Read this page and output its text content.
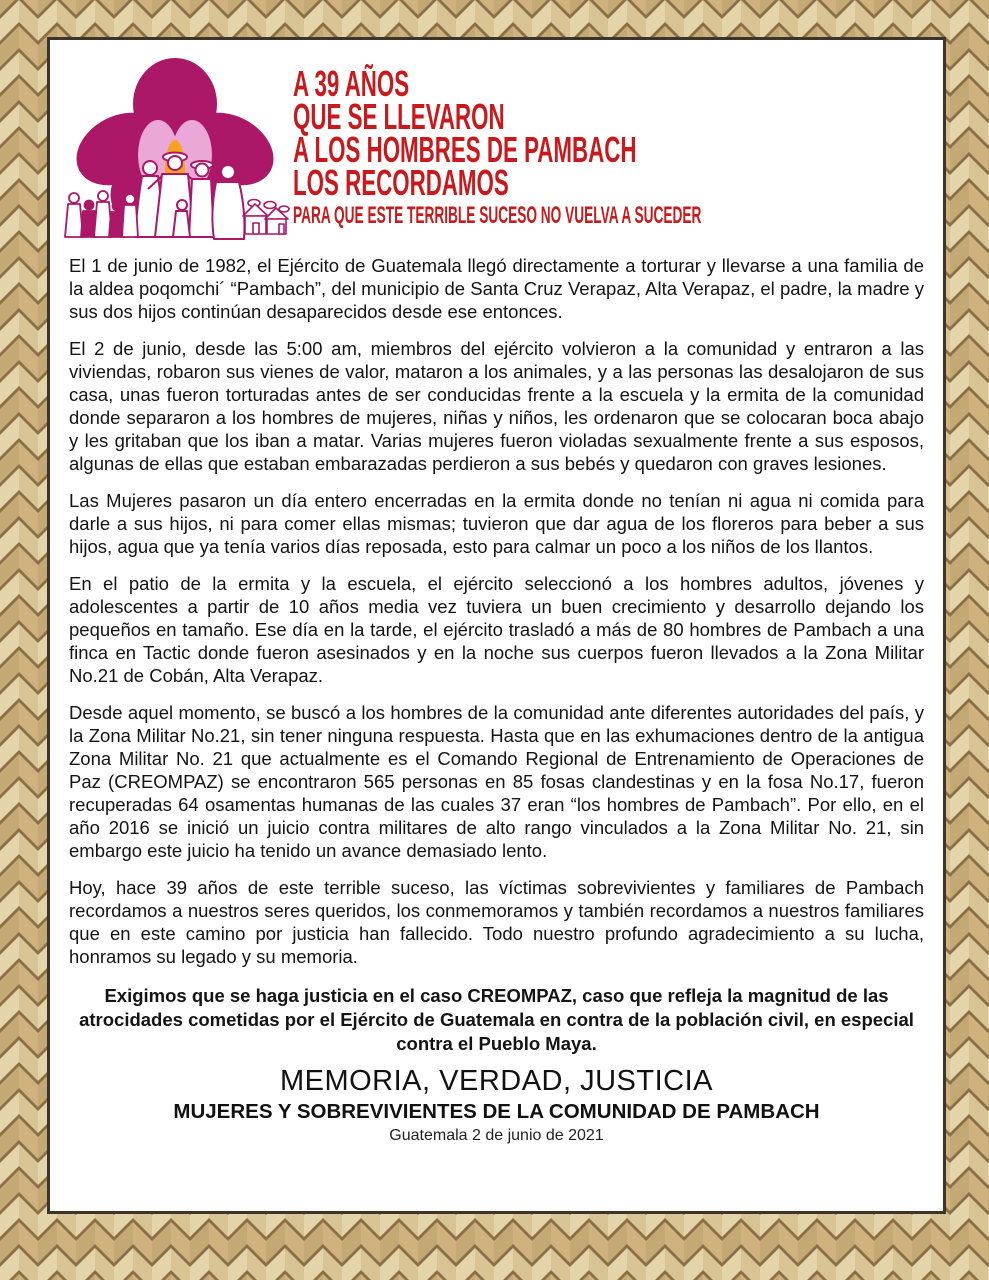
A 39 AÑOS
QUE SE LLEVARON
A LOS HOMBRES DE PAMBACH
LOS RECORDAMOS
PARA QUE ESTE TERRIBLE SUCESO NO VUELVA A SUCEDER

El 1 de junio de 1982, el Ejército de Guatemala llegó directamente a torturar y llevarse a una familia de la aldea poqomchi´ “Pambach”, del municipio de Santa Cruz Verapaz, Alta Verapaz, el padre, la madre y sus dos hijos continúan desaparecidos desde ese entonces.

El 2 de junio, desde las 5:00 am, miembros del ejército volvieron a la comunidad y entraron a las viviendas, robaron sus vienes de valor, mataron a los animales, y a las personas las desalojaron de sus casa, unas fueron torturadas antes de ser conducidas frente a la escuela y la ermita de la comunidad donde separaron a los hombres de mujeres, niñas y niños, les ordenaron que se colocaran boca abajo y les gritaban que los iban a matar. Varias mujeres fueron violadas sexualmente frente a sus esposos, algunas de ellas que estaban embarazadas perdieron a sus bebés y quedaron con graves lesiones.

Las Mujeres pasaron un día entero encerradas en la ermita donde no tenían ni agua ni comida para darle a sus hijos, ni para comer ellas mismas; tuvieron que dar agua de los floreros para beber a sus hijos, agua que ya tenía varios días reposada, esto para calmar un poco a los niños de los llantos.

En el patio de la ermita y la escuela, el ejército seleccionó a los hombres adultos, jóvenes y adolescentes a partir de 10 años media vez tuviera un buen crecimiento y desarrollo dejando los pequeños en tamaño. Ese día en la tarde, el ejército trasladó a más de 80 hombres de Pambach a una finca en Tactic donde fueron asesinados y en la noche sus cuerpos fueron llevados a la Zona Militar No.21 de Cobán, Alta Verapaz.

Desde aquel momento, se buscó a los hombres de la comunidad ante diferentes autoridades del país, y la Zona Militar No.21, sin tener ninguna respuesta. Hasta que en las exhumaciones dentro de la antigua Zona Militar No. 21 que actualmente es el Comando Regional de Entrenamiento de Operaciones de Paz (CREOMPAZ) se encontraron 565 personas en 85 fosas clandestinas y en la fosa No.17, fueron recuperadas 64 osamentas humanas de las cuales 37 eran “los hombres de Pambach”. Por ello, en el año 2016 se inició un juicio contra militares de alto rango vinculados a la Zona Militar No. 21, sin embargo este juicio ha tenido un avance demasiado lento.

Hoy, hace 39 años de este terrible suceso, las víctimas sobrevivientes y familiares de Pambach recordamos a nuestros seres queridos, los conmemoramos y también recordamos a nuestros familiares que en este camino por justicia han fallecido. Todo nuestro profundo agradecimiento a su lucha, honramos su legado y su memoria.

Exigimos que se haga justicia en el caso CREOMPAZ, caso que refleja la magnitud de las atrocidades cometidas por el Ejército de Guatemala en contra de la población civil, en especial contra el Pueblo Maya.

MEMORIA, VERDAD, JUSTICIA
MUJERES Y SOBREVIVIENTES DE LA COMUNIDAD DE PAMBACH
Guatemala 2 de junio de 2021
